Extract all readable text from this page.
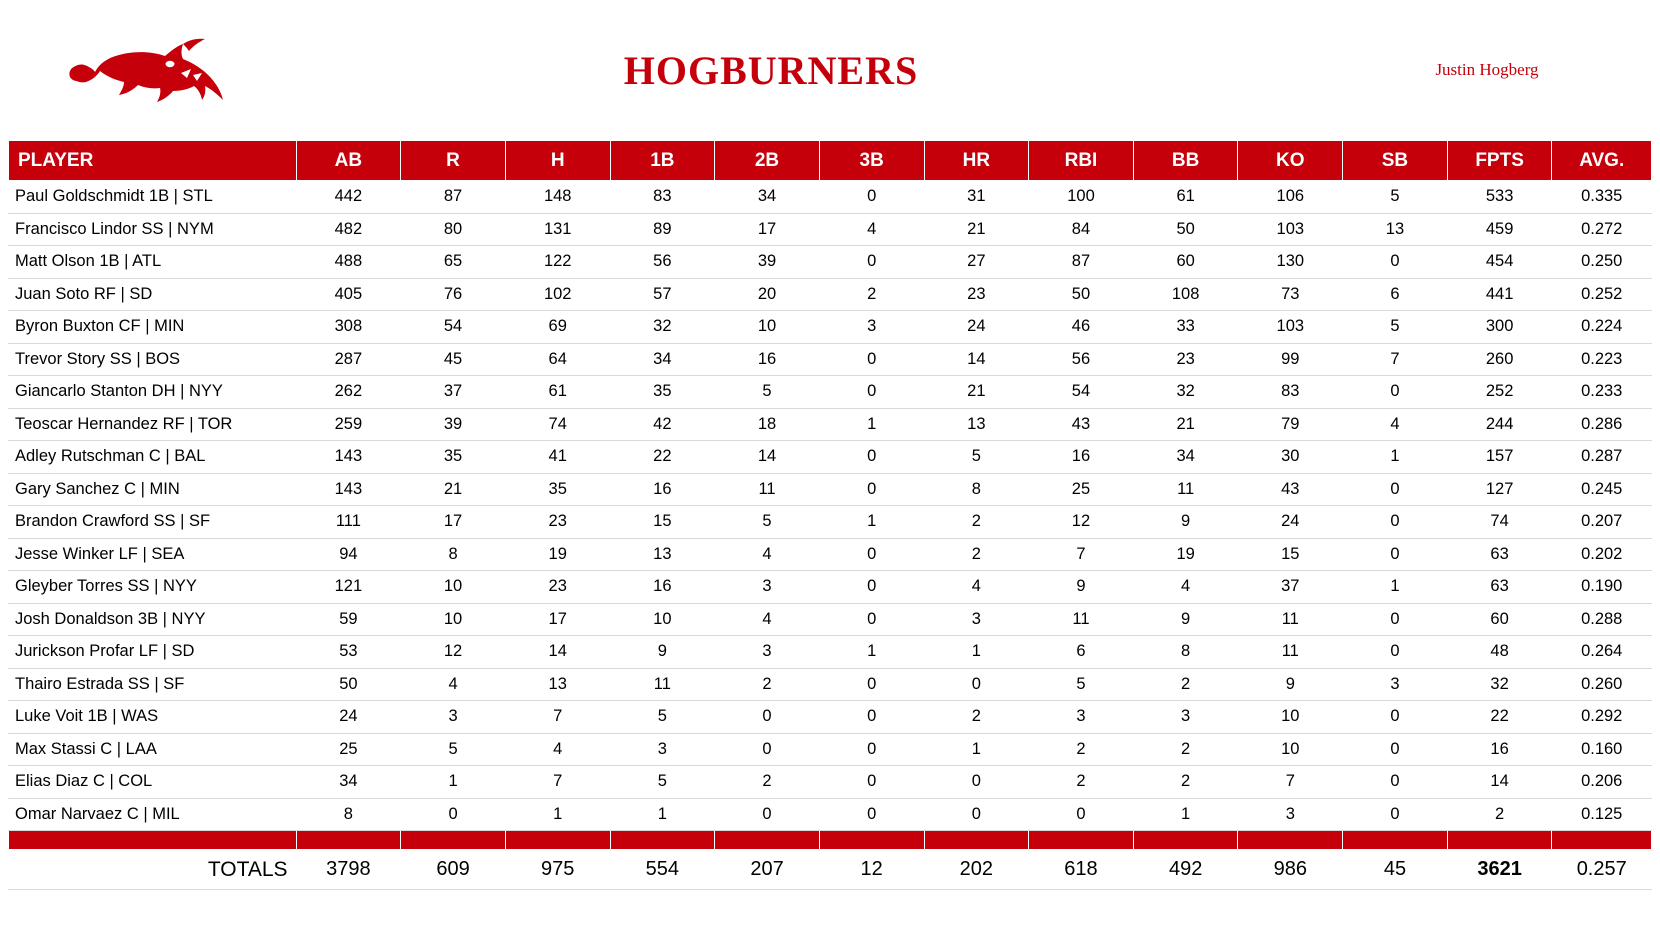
HOGBURNERS	Justin Hogberg
PLAYER	AB	R	H	1B	2B	3B	HR	RBI	BB	KO	SB	FPTS	AVG.
Paul Goldschmidt 1B | STL	442	87	148	83	34	0	31	100	61	106	5	533	0.335
Francisco Lindor SS | NYM	482	80	131	89	17	4	21	84	50	103	13	459	0.272
Matt Olson 1B | ATL	488	65	122	56	39	0	27	87	60	130	0	454	0.250
Juan Soto RF | SD	405	76	102	57	20	2	23	50	108	73	6	441	0.252
Byron Buxton CF | MIN	308	54	69	32	10	3	24	46	33	103	5	300	0.224
Trevor Story SS | BOS	287	45	64	34	16	0	14	56	23	99	7	260	0.223
Giancarlo Stanton DH | NYY	262	37	61	35	5	0	21	54	32	83	0	252	0.233
Teoscar Hernandez RF | TOR	259	39	74	42	18	1	13	43	21	79	4	244	0.286
Adley Rutschman C | BAL	143	35	41	22	14	0	5	16	34	30	1	157	0.287
Gary Sanchez C | MIN	143	21	35	16	11	0	8	25	11	43	0	127	0.245
Brandon Crawford SS | SF	111	17	23	15	5	1	2	12	9	24	0	74	0.207
Jesse Winker LF | SEA	94	8	19	13	4	0	2	7	19	15	0	63	0.202
Gleyber Torres SS | NYY	121	10	23	16	3	0	4	9	4	37	1	63	0.190
Josh Donaldson 3B | NYY	59	10	17	10	4	0	3	11	9	11	0	60	0.288
Jurickson Profar LF | SD	53	12	14	9	3	1	1	6	8	11	0	48	0.264
Thairo Estrada SS | SF	50	4	13	11	2	0	0	5	2	9	3	32	0.260
Luke Voit 1B | WAS	24	3	7	5	0	0	2	3	3	10	0	22	0.292
Max Stassi C | LAA	25	5	4	3	0	0	1	2	2	10	0	16	0.160
Elias Diaz C | COL	34	1	7	5	2	0	0	2	2	7	0	14	0.206
Omar Narvaez C | MIL	8	0	1	1	0	0	0	0	1	3	0	2	0.125

TOTALS	3798	609	975	554	207	12	202	618	492	986	45	3621	0.257
